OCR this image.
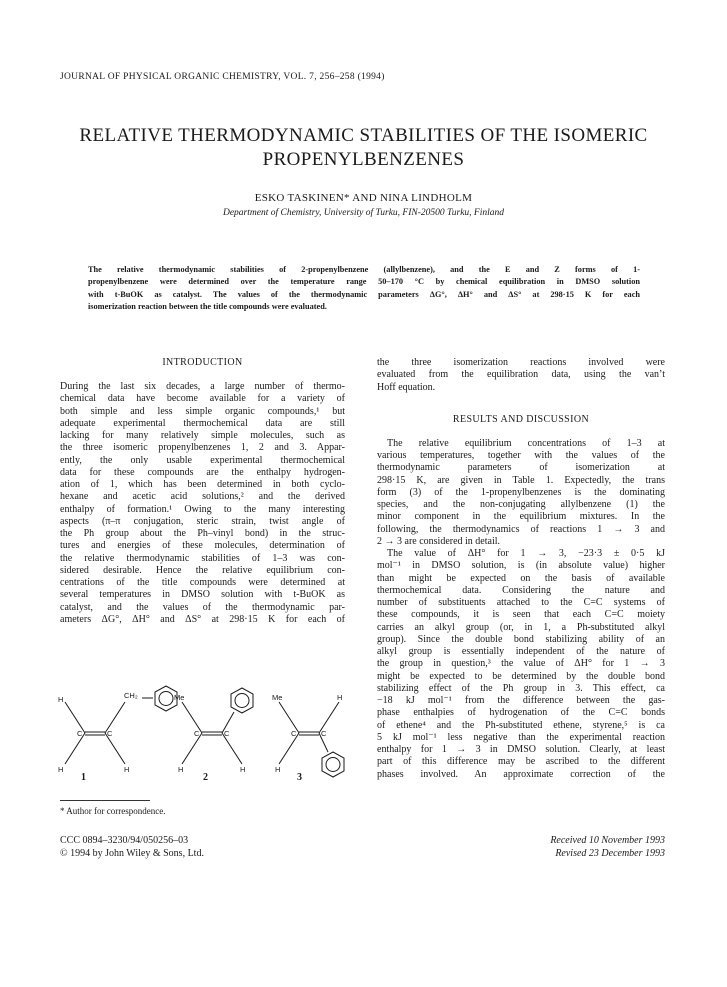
JOURNAL OF PHYSICAL ORGANIC CHEMISTRY, VOL. 7, 256–258 (1994)
RELATIVE THERMODYNAMIC STABILITIES OF THE ISOMERIC
PROPENYLBENZENES
ESKO TASKINEN* AND NINA LINDHOLM
Department of Chemistry, University of Turku, FIN-20500 Turku, Finland
The relative thermodynamic stabilities of 2-propenylbenzene (allylbenzene), and the E and Z forms of 1-
propenylbenzene were determined over the temperature range 50–170 °C by chemical equilibration in DMSO solution
with t-BuOK as catalyst. The values of the thermodynamic parameters ΔG°, ΔH° and ΔS° at 298·15 K for each
isomerization reaction between the title compounds were evaluated.
INTRODUCTION
During the last six decades, a large number of thermo-
chemical data have become available for a variety of
both simple and less simple organic compounds,¹ but
adequate experimental thermochemical data are still
lacking for many relatively simple molecules, such as
the three isomeric propenylbenzenes 1, 2 and 3. Appar-
ently, the only usable experimental thermochemical
data for these compounds are the enthalpy hydrogen-
ation of 1, which has been determined in both cyclo-
hexane and acetic acid solutions,² and the derived
enthalpy of formation.¹ Owing to the many interesting
aspects (π–π conjugation, steric strain, twist angle of
the Ph group about the Ph–vinyl bond) in the struc-
tures and energies of these molecules, determination of
the relative thermodynamic stabilities of 1–3 was con-
sidered desirable. Hence the relative equilibrium con-
centrations of the title compounds were determined at
several temperatures in DMSO solution with t-BuOK as
catalyst, and the values of the thermodynamic par-
ameters ΔG°, ΔH° and ΔS° at 298·15 K for each of
H	CH₂
C	C
H	H
Me
C	C
H	H
Me	H
C	C
H
1	2	3
* Author for correspondence.
CCC 0894–3230/94/050256–03
© 1994 by John Wiley & Sons, Ltd.
the three isomerization reactions involved were
evaluated from the equilibration data, using the van’t
Hoff equation.
RESULTS AND DISCUSSION
The relative equilibrium concentrations of 1–3 at
various temperatures, together with the values of the
thermodynamic parameters of isomerization at
298·15 K, are given in Table 1. Expectedly, the trans
form (3) of the 1-propenylbenzenes is the dominating
species, and the non-conjugating allylbenzene (1) the
minor component in the equilibrium mixtures. In the
following, the thermodynamics of reactions 1 → 3 and
2 → 3 are considered in detail.
The value of ΔH° for 1 → 3, −23·3 ± 0·5 kJ
mol⁻¹ in DMSO solution, is (in absolute value) higher
than might be expected on the basis of available
thermochemical data. Considering the nature and
number of substituents attached to the C=C systems of
these compounds, it is seen that each C=C moiety
carries an alkyl group (or, in 1, a Ph-substituted alkyl
group). Since the double bond stabilizing ability of an
alkyl group is essentially independent of the nature of
the group in question,³ the value of ΔH° for 1 → 3
might be expected to be determined by the double bond
stabilizing effect of the Ph group in 3. This effect, ca
−18 kJ mol⁻¹ from the difference between the gas-
phase enthalpies of hydrogenation of the C=C bonds
of ethene⁴ and the Ph-substituted ethene, styrene,⁵ is ca
5 kJ mol⁻¹ less negative than the experimental reaction
enthalpy for 1 → 3 in DMSO solution. Clearly, at least
part of this difference may be ascribed to the different
phases involved. An approximate correction of the
Received 10 November 1993
Revised 23 December 1993
